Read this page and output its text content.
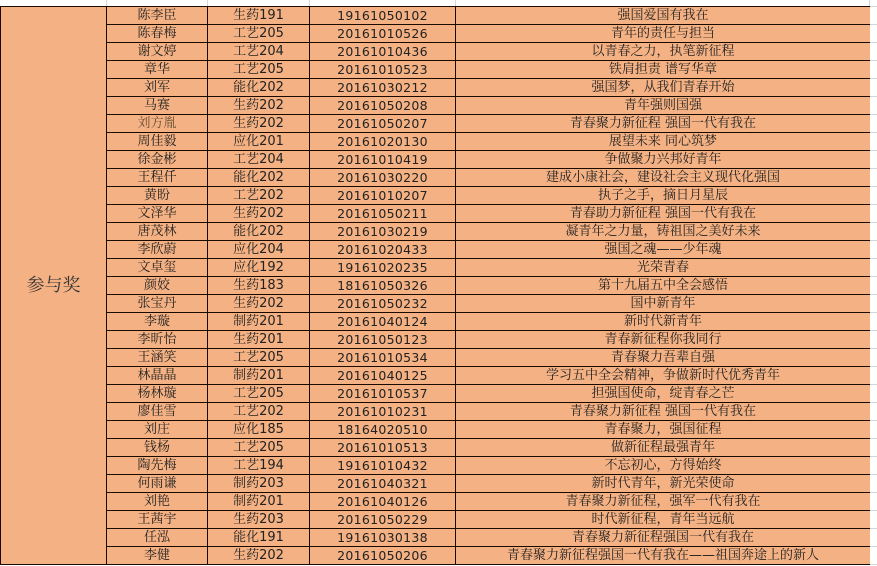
参与奖	陈李臣	生药191	19161050102	强国爱国有我在
	陈春梅	工艺205	20161010526	青年的责任与担当
	谢文婷	工艺204	20161010436	以青春之力，执笔新征程
	章华	工艺205	20161010523	铁肩担责 谱写华章
	刘军	能化202	20161030212	强国梦，从我们青春开始
	马赛	生药202	20161050208	青年强则国强
	刘方胤	生药202	20161050207	青春聚力新征程 强国一代有我在
	周佳毅	应化201	20161020130	展望未来 同心筑梦
	徐金彬	工艺204	20161010419	争做聚力兴邦好青年
	王程仟	能化202	20161030220	建成小康社会，建设社会主义现代化强国
	黄盼	工艺202	20161010207	执子之手，摘日月星辰
	文泽华	生药202	20161050211	青春助力新征程 强国一代有我在
	唐茂林	能化202	20161030219	凝青年之力量，铸祖国之美好未来
	李欣蔚	应化204	20161020433	强国之魂——少年魂
	文卓玺	应化192	19161020235	光荣青春
	颜姣	生药183	18161050326	第十九届五中全会感悟
	张宝丹	生药202	20161050232	国中新青年
	李璇	制药201	20161040124	新时代新青年
	李昕怡	生药201	20161050123	青春新征程你我同行
	王涵笑	工艺205	20161010534	青春聚力吾辈自强
	林晶晶	制药201	20161040125	学习五中全会精神，争做新时代优秀青年
	杨林璇	工艺205	20161010537	担强国使命，绽青春之芒
	廖佳雪	工艺202	20161010231	青春聚力新征程 强国一代有我在
	刘庄	应化185	18164020510	青春聚力，强国征程
	钱杨	工艺205	20161010513	做新征程最强青年
	陶先梅	工艺194	19161010432	不忘初心，方得始终
	何雨谦	制药203	20161040321	新时代青年，新光荣使命
	刘艳	制药201	20161040126	青春聚力新征程，强军一代有我在
	王茜宇	生药203	20161050229	时代新征程，青年当远航
	任泓	能化191	19161030138	青春聚力新征程强国一代有我在
	李健	生药202	20161050206	青春聚力新征程强国一代有我在——祖国奔途上的新人
